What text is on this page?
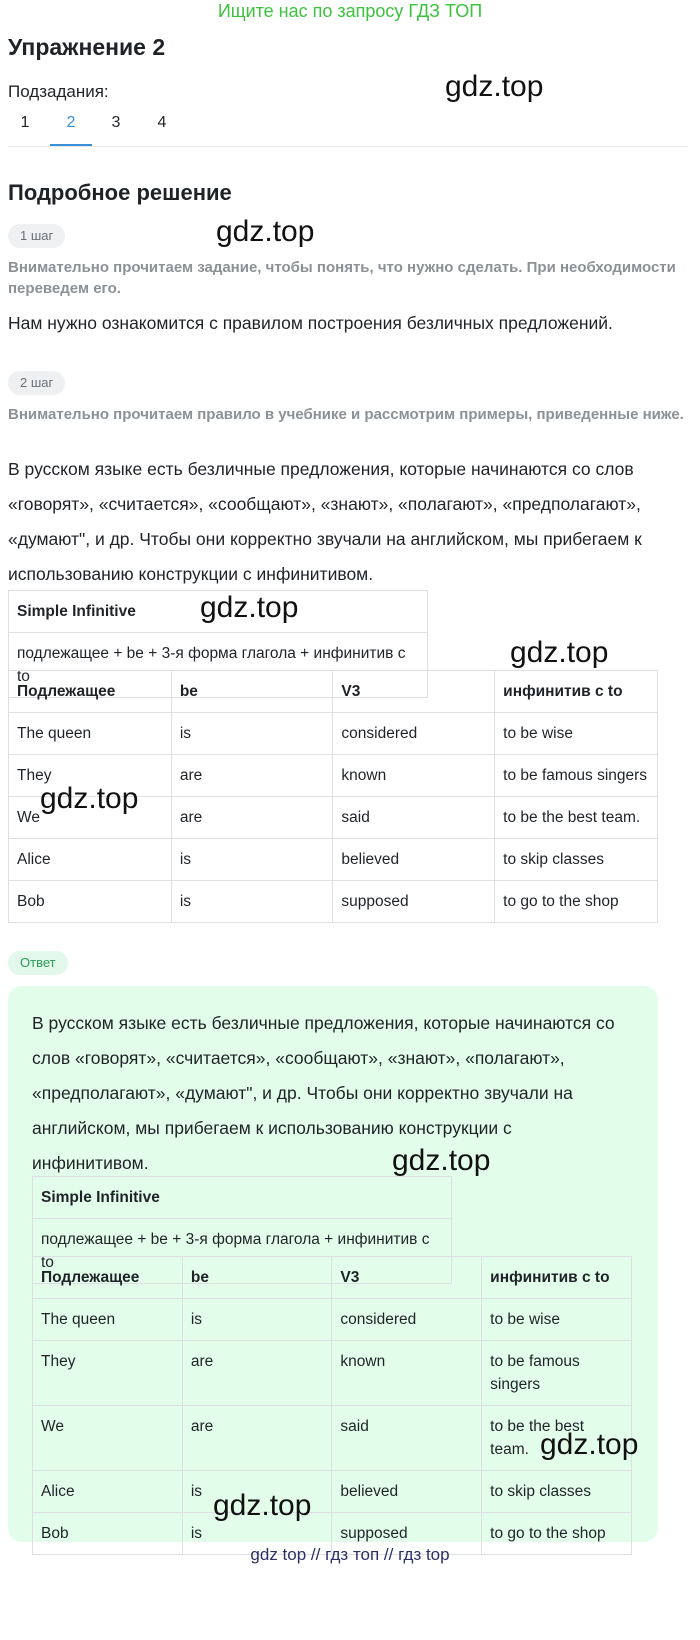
Ищите нас по запросу ГДЗ ТОП
Упражнение 2
Подзадания:	gdz.top
1	2	3	4
Подробное решение
1 шаг	gdz.top
Внимательно прочитаем задание, чтобы понять, что нужно сделать. При необходимости переведем его.
Нам нужно ознакомится с правилом построения безличных предложений.
2 шаг
Внимательно прочитаем правило в учебнике и рассмотрим примеры, приведенные ниже.
В русском языке есть безличные предложения, которые начинаются со слов «говорят», «считается», «сообщают», «знают», «полагают», «предполагают», «думают", и др. Чтобы они корректно звучали на английском, мы прибегаем к использованию конструкции с инфинитивом.
Simple Infinitive
подлежащее + be + 3-я форма глагола + инфинитив с to
gdz.top
gdz.top
Подлежащее	be	V3	инфинитив с to
The queen	is	considered	to be wise
They	are	known	to be famous singers
We	are	said	to be the best team.
Alice	is	believed	to skip classes
Bob	is	supposed	to go to the shop
gdz.top
Ответ
В русском языке есть безличные предложения, которые начинаются со слов «говорят», «считается», «сообщают», «знают», «полагают», «предполагают», «думают", и др. Чтобы они корректно звучали на английском, мы прибегаем к использованию конструкции с инфинитивом.
Simple Infinitive
подлежащее + be + 3-я форма глагола + инфинитив с to
Подлежащее	be	V3	инфинитив с to
The queen	is	considered	to be wise
They	are	known	to be famous singers
We	are	said	to be the best team.
Alice	is	believed	to skip classes
Bob	is	supposed	to go to the shop
gdz.top
gdz.top
gdz.top
gdz top // гдз топ // гдз top
